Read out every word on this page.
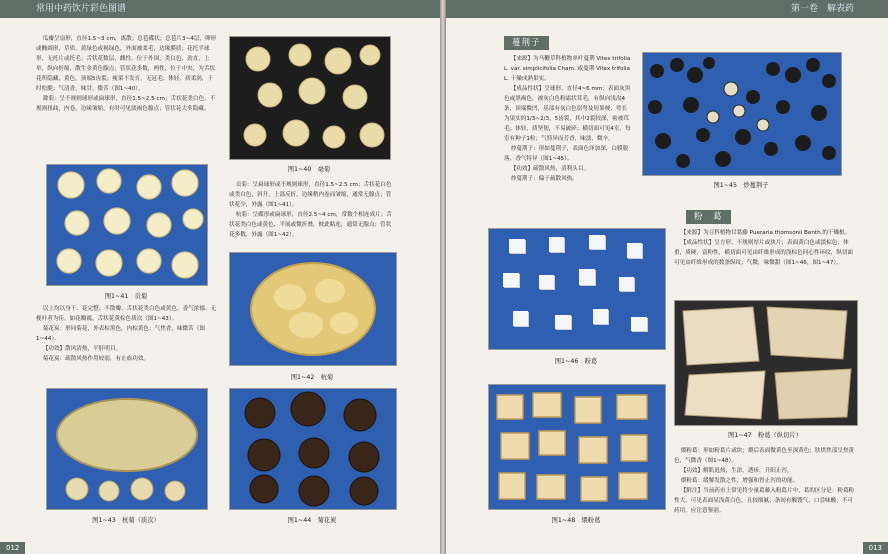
常用中药饮片彩色图谱

瓜瓣呈扇形，直径1.5~3 cm，离散；总苞碟状；总苞片3~4层，卵形或椭圆形，草质，黄绿色或褐绿色，外面被柔毛，边缘膜质；花托半球形，无托片或托毛；舌状花数层，雌性，位于外围，类白色，劲直，上举，纵向折缩，散生金黄色腺点；管状花多数，两性，位于中央，为舌状花所隐藏，黄色，顶端5齿裂；瘦果不发育，无冠毛；体轻，质柔润，干时松脆；气清香，味甘、微苦（图1~40）。

滁菊：呈不规则球形或扁球形，直径1.5~2.5 cm；舌状花类白色，不规则扭曲，内卷，边缘皱缩，有时可见淡褐色腺点；管状花大多隐藏。

图1~40　毫菊
图1~41　贡菊

贡菊：呈扁球形或不规则球形，直径1.5~2.5 cm；舌状花白色或类白色，斜升，上部反折，边缘稍内卷而皱缩，通常无腺点；管状花少，外露（图1~41）。

杭菊：呈碟形或扁球形，直径2.5~4 cm，常数个相连成片；舌状花类白色或黄色，平展或微折叠，彼此粘连，通常无腺点；管状花多数，外露（图1~42）。

图1~42　杭菊

以上均以身干、花完整、不散瓣、舌状花类白色或黄色、香气浓郁、无梗叶者为佳。如花瓣腐，舌状花黄棕色质次（图1~43）。

菊花炭：形同菊花，外表棕黑色，内棕黄色；气焦香，味微苦（图1~44）。

【功效】散风清热，平肝明目。

菊花炭：疏散风热作用较弱，有止血功效。

图1~43　杭菊（质次）	图1~44　菊花炭
012
第一卷　解表药
蔓荆子

【来源】为马鞭草科植物单叶蔓荆 Vitex trifolia L. var. simplicifolia Cham. 或蔓荆 Vitex trifolia L. 干燥成熟果实。

【成品性状】呈球形，直径4~6 mm；表面灰黑色或黑褐色，被灰白色粉霜状茸毛，有纵向浅沟4条，顶端微凹，基部有灰白色宿萼及短果梗；萼长为果实的1/3~2/3，5齿裂，其中2裂较深，密被茸毛；体轻，质坚韧，不易破碎；横切面可见4室，每室有种子1粒；气特异而芳香，味淡、微辛。

炒蔓荆子：形如蔓荆子，表面色泽加深，白膜脱落，香气特异（图1~45）。

【功效】疏散风热，清利头目。

炒蔓荆子：偏于疏散风热。

图1~45　炒蔓荆子
图1~46　粉葛
粉　葛

【来源】为豆科植物甘葛藤 Pueraria thomsonii Benth.的干燥根。

【成品性状】呈方形、不规则厚片或块片；表面黄白色或淡棕色；体重，质硬，富粉性，横切面可见由纤维形成的浅棕色同心性环纹，纵切面可见由纤维形成的数条纵纹；气微，味微甜（图1~46，图1~47）。

图1~47　粉葛（纵切片）
图1~48　煨粉葛

煨粉葛：形如粉葛片或块；煨后表面微黄色至深黄色；肤烘焦部呈焦黄色，气微香（图1~48）。

【功效】解肌退热，生津，透疹，升阳止泻。

煨粉葛：缓解发散之性，增强和胃止泻的功能。

【附注】当前药市上常见将少量葛藤入粉葛片中，葛的区分是：粉葛粉性大，可见表面显浅黄白色，且较细腻；条间有酸馊气，口尝味酸，不可药用，应注意鉴别。

013
